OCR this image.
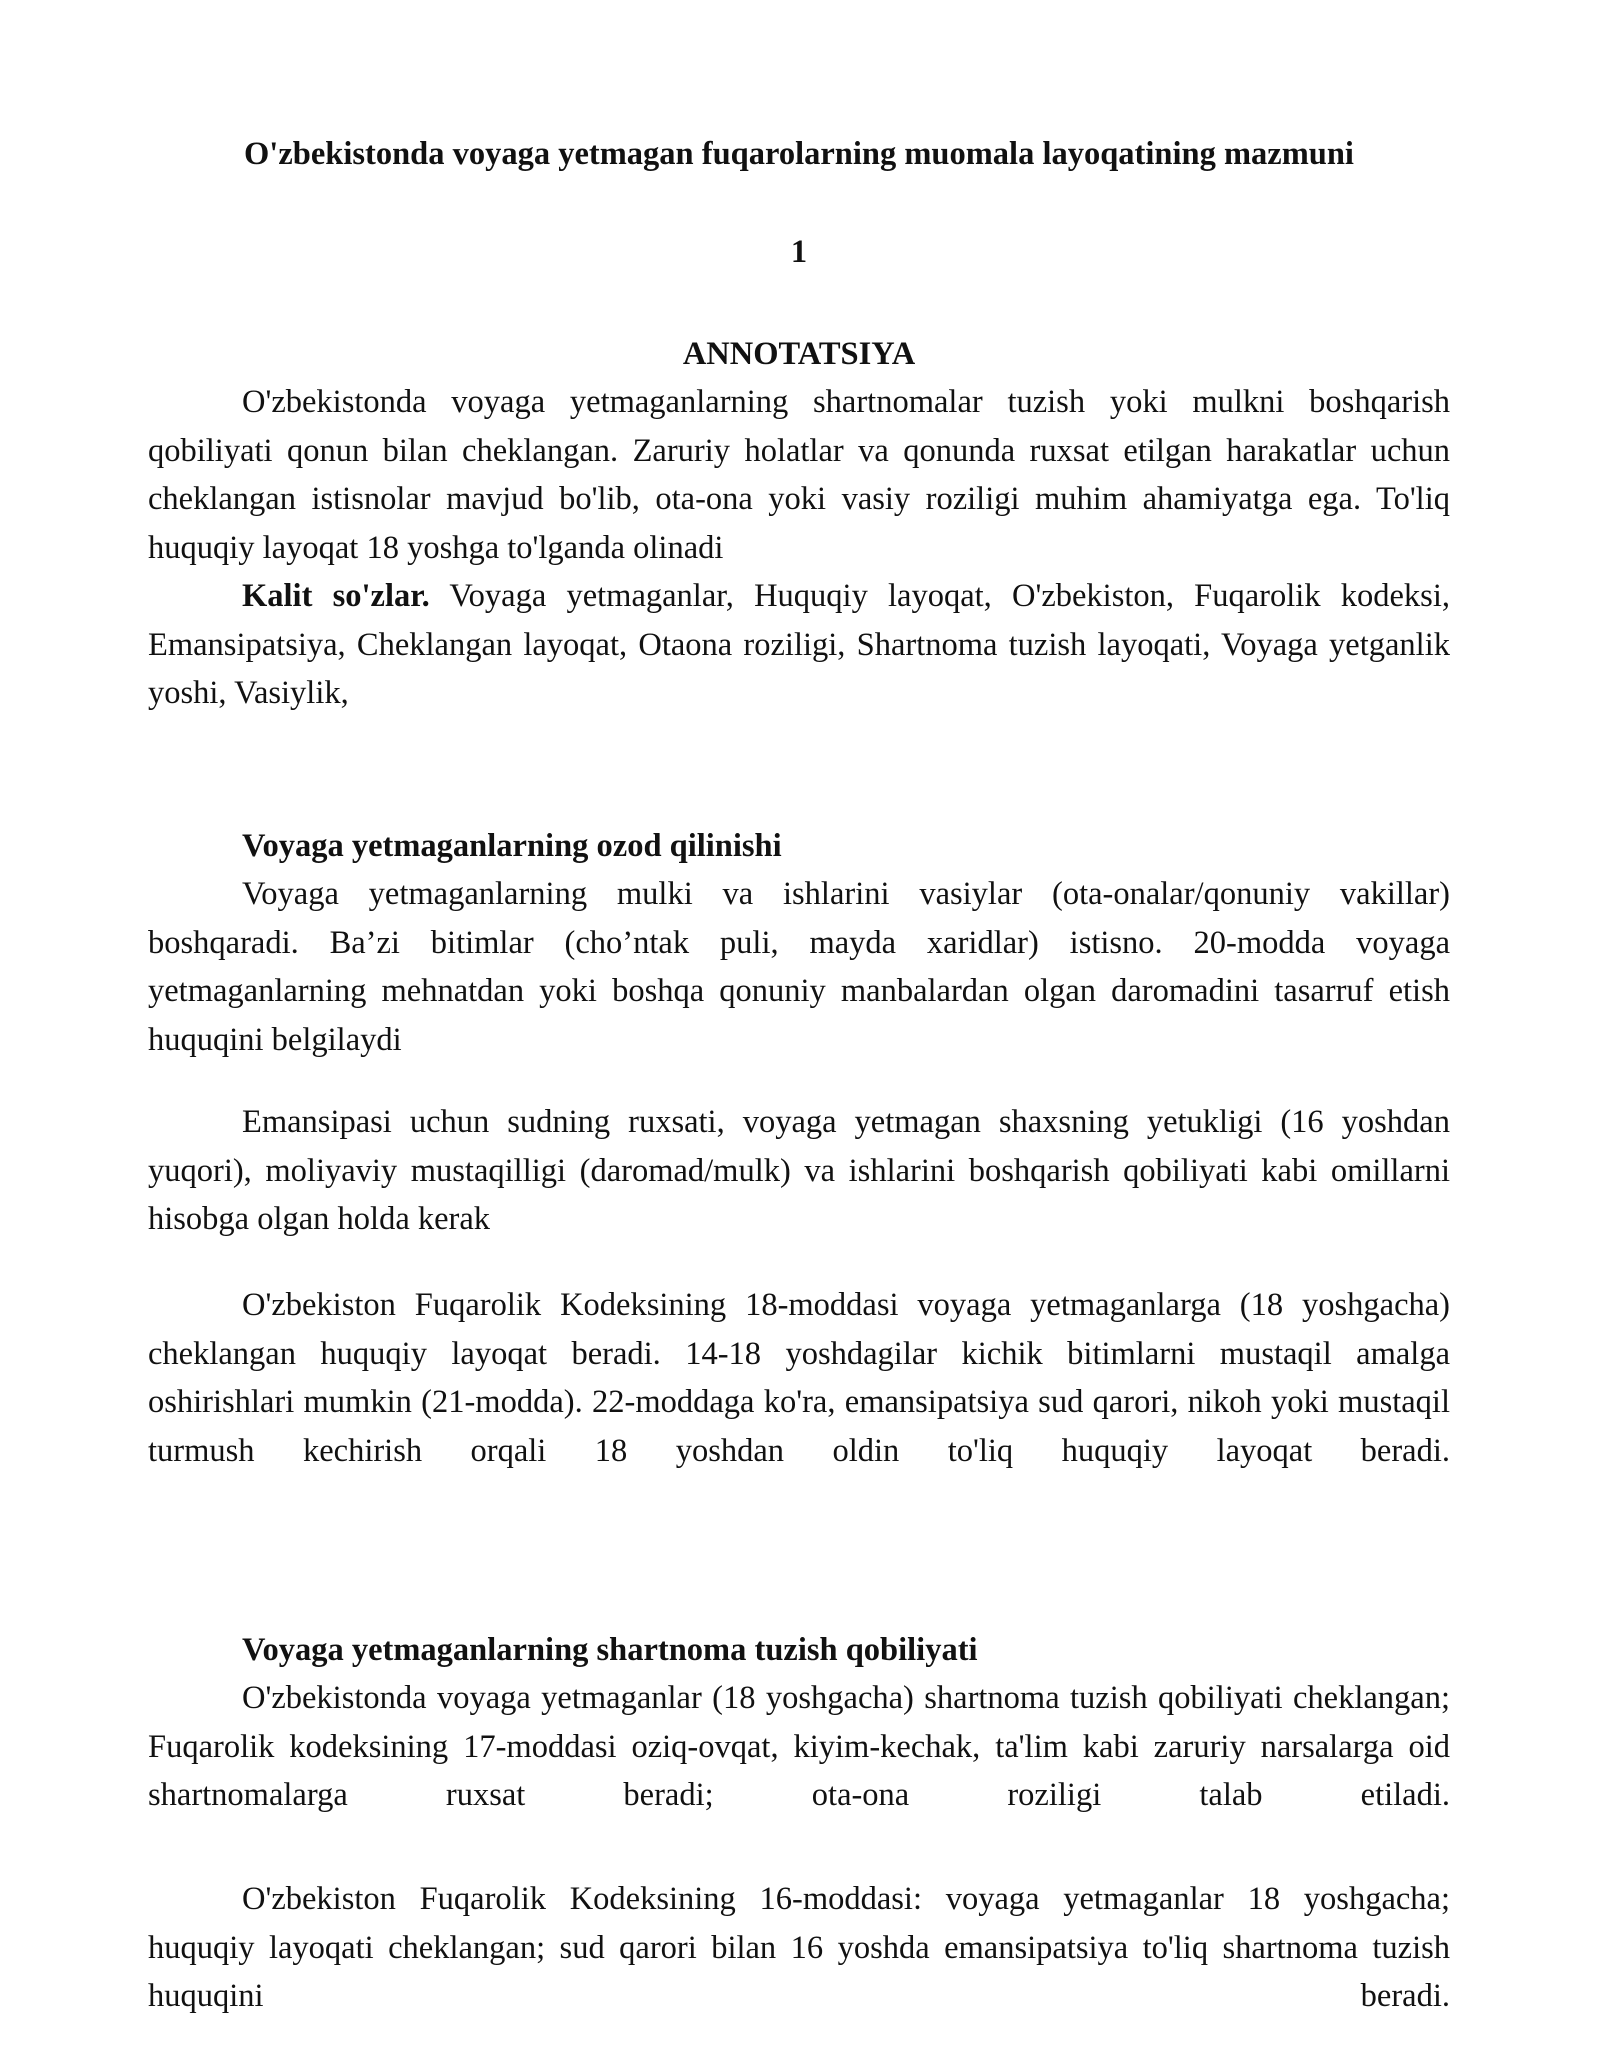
O'zbekistonda voyaga yetmagan fuqarolarning muomala layoqatining mazmuni

1

ANNOTATSIYA

O'zbekistonda voyaga yetmaganlarning shartnomalar tuzish yoki mulkni boshqarish qobiliyati qonun bilan cheklangan. Zaruriy holatlar va qonunda ruxsat etilgan harakatlar uchun cheklangan istisnolar mavjud bo'lib, ota-ona yoki vasiy roziligi muhim ahamiyatga ega. To'liq huquqiy layoqat 18 yoshga to'lganda olinadi

Kalit so'zlar. Voyaga yetmaganlar, Huquqiy layoqat, O'zbekiston, Fuqarolik kodeksi, Emansipatsiya, Cheklangan layoqat, Otaona roziligi, Shartnoma tuzish layoqati, Voyaga yetganlik yoshi, Vasiylik,

Voyaga yetmaganlarning ozod qilinishi

Voyaga yetmaganlarning mulki va ishlarini vasiylar (ota-onalar/qonuniy vakillar) boshqaradi. Ba’zi bitimlar (cho’ntak puli, mayda xaridlar) istisno. 20-modda voyaga yetmaganlarning mehnatdan yoki boshqa qonuniy manbalardan olgan daromadini tasarruf etish huquqini belgilaydi

Emansipasi uchun sudning ruxsati, voyaga yetmagan shaxsning yetukligi (16 yoshdan yuqori), moliyaviy mustaqilligi (daromad/mulk) va ishlarini boshqarish qobiliyati kabi omillarni hisobga olgan holda kerak

O'zbekiston Fuqarolik Kodeksining 18-moddasi voyaga yetmaganlarga (18 yoshgacha) cheklangan huquqiy layoqat beradi. 14-18 yoshdagilar kichik bitimlarni mustaqil amalga oshirishlari mumkin (21-modda). 22-moddaga ko'ra, emansipatsiya sud qarori, nikoh yoki mustaqil turmush kechirish orqali 18 yoshdan oldin to'liq huquqiy layoqat beradi.

Voyaga yetmaganlarning shartnoma tuzish qobiliyati

O'zbekistonda voyaga yetmaganlar (18 yoshgacha) shartnoma tuzish qobiliyati cheklangan; Fuqarolik kodeksining 17-moddasi oziq-ovqat, kiyim-kechak, ta'lim kabi zaruriy narsalarga oid shartnomalarga ruxsat beradi; ota-ona roziligi talab etiladi.

O'zbekiston Fuqarolik Kodeksining 16-moddasi: voyaga yetmaganlar 18 yoshgacha; huquqiy layoqati cheklangan; sud qarori bilan 16 yoshda emansipatsiya to'liq shartnoma tuzish huquqini beradi.
